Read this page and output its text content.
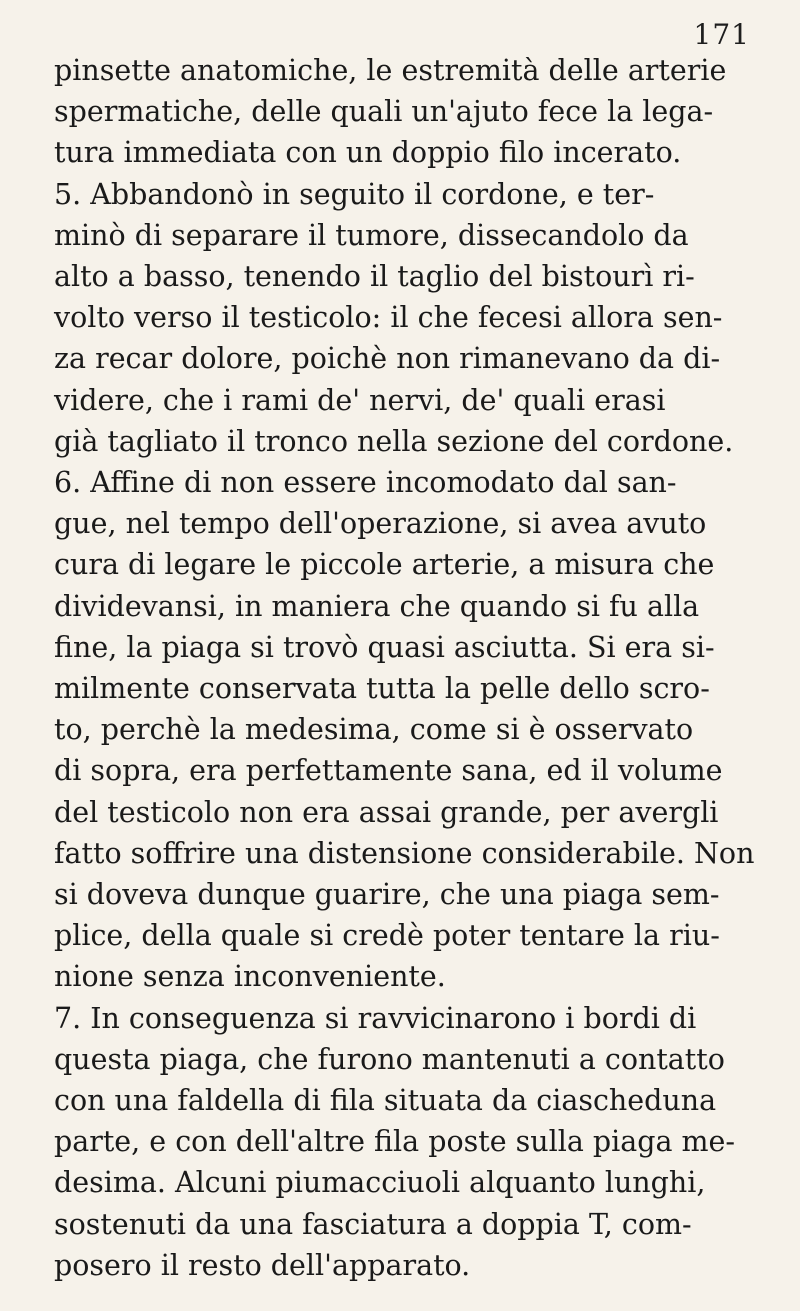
171
pinsette anatomiche, le estremità delle arterie
spermatiche, delle quali un'ajuto fece la lega-
tura immediata con un doppio filo incerato.
5. Abbandonò in seguito il cordone, e ter-
minò di separare il tumore, dissecandolo da
alto a basso, tenendo il taglio del bistourì ri-
volto verso il testicolo: il che fecesi allora sen-
za recar dolore, poichè non rimanevano da di-
videre, che i rami de' nervi, de' quali erasi
già tagliato il tronco nella sezione del cordone.
6. Affine di non essere incomodato dal san-
gue, nel tempo dell'operazione, si avea avuto
cura di legare le piccole arterie, a misura che
dividevansi, in maniera che quando si fu alla
fine, la piaga si trovò quasi asciutta. Si era si-
milmente conservata tutta la pelle dello scro-
to, perchè la medesima, come si è osservato
di sopra, era perfettamente sana, ed il volume
del testicolo non era assai grande, per avergli
fatto soffrire una distensione considerabile. Non
si doveva dunque guarire, che una piaga sem-
plice, della quale si credè poter tentare la riu-
nione senza inconveniente.
7. In conseguenza si ravvicinarono i bordi di
questa piaga, che furono mantenuti a contatto
con una faldella di fila situata da ciascheduna
parte, e con dell'altre fila poste sulla piaga me-
desima. Alcuni piumacciuoli alquanto lunghi,
sostenuti da una fasciatura a doppia T, com-
posero il resto dell'apparato.
